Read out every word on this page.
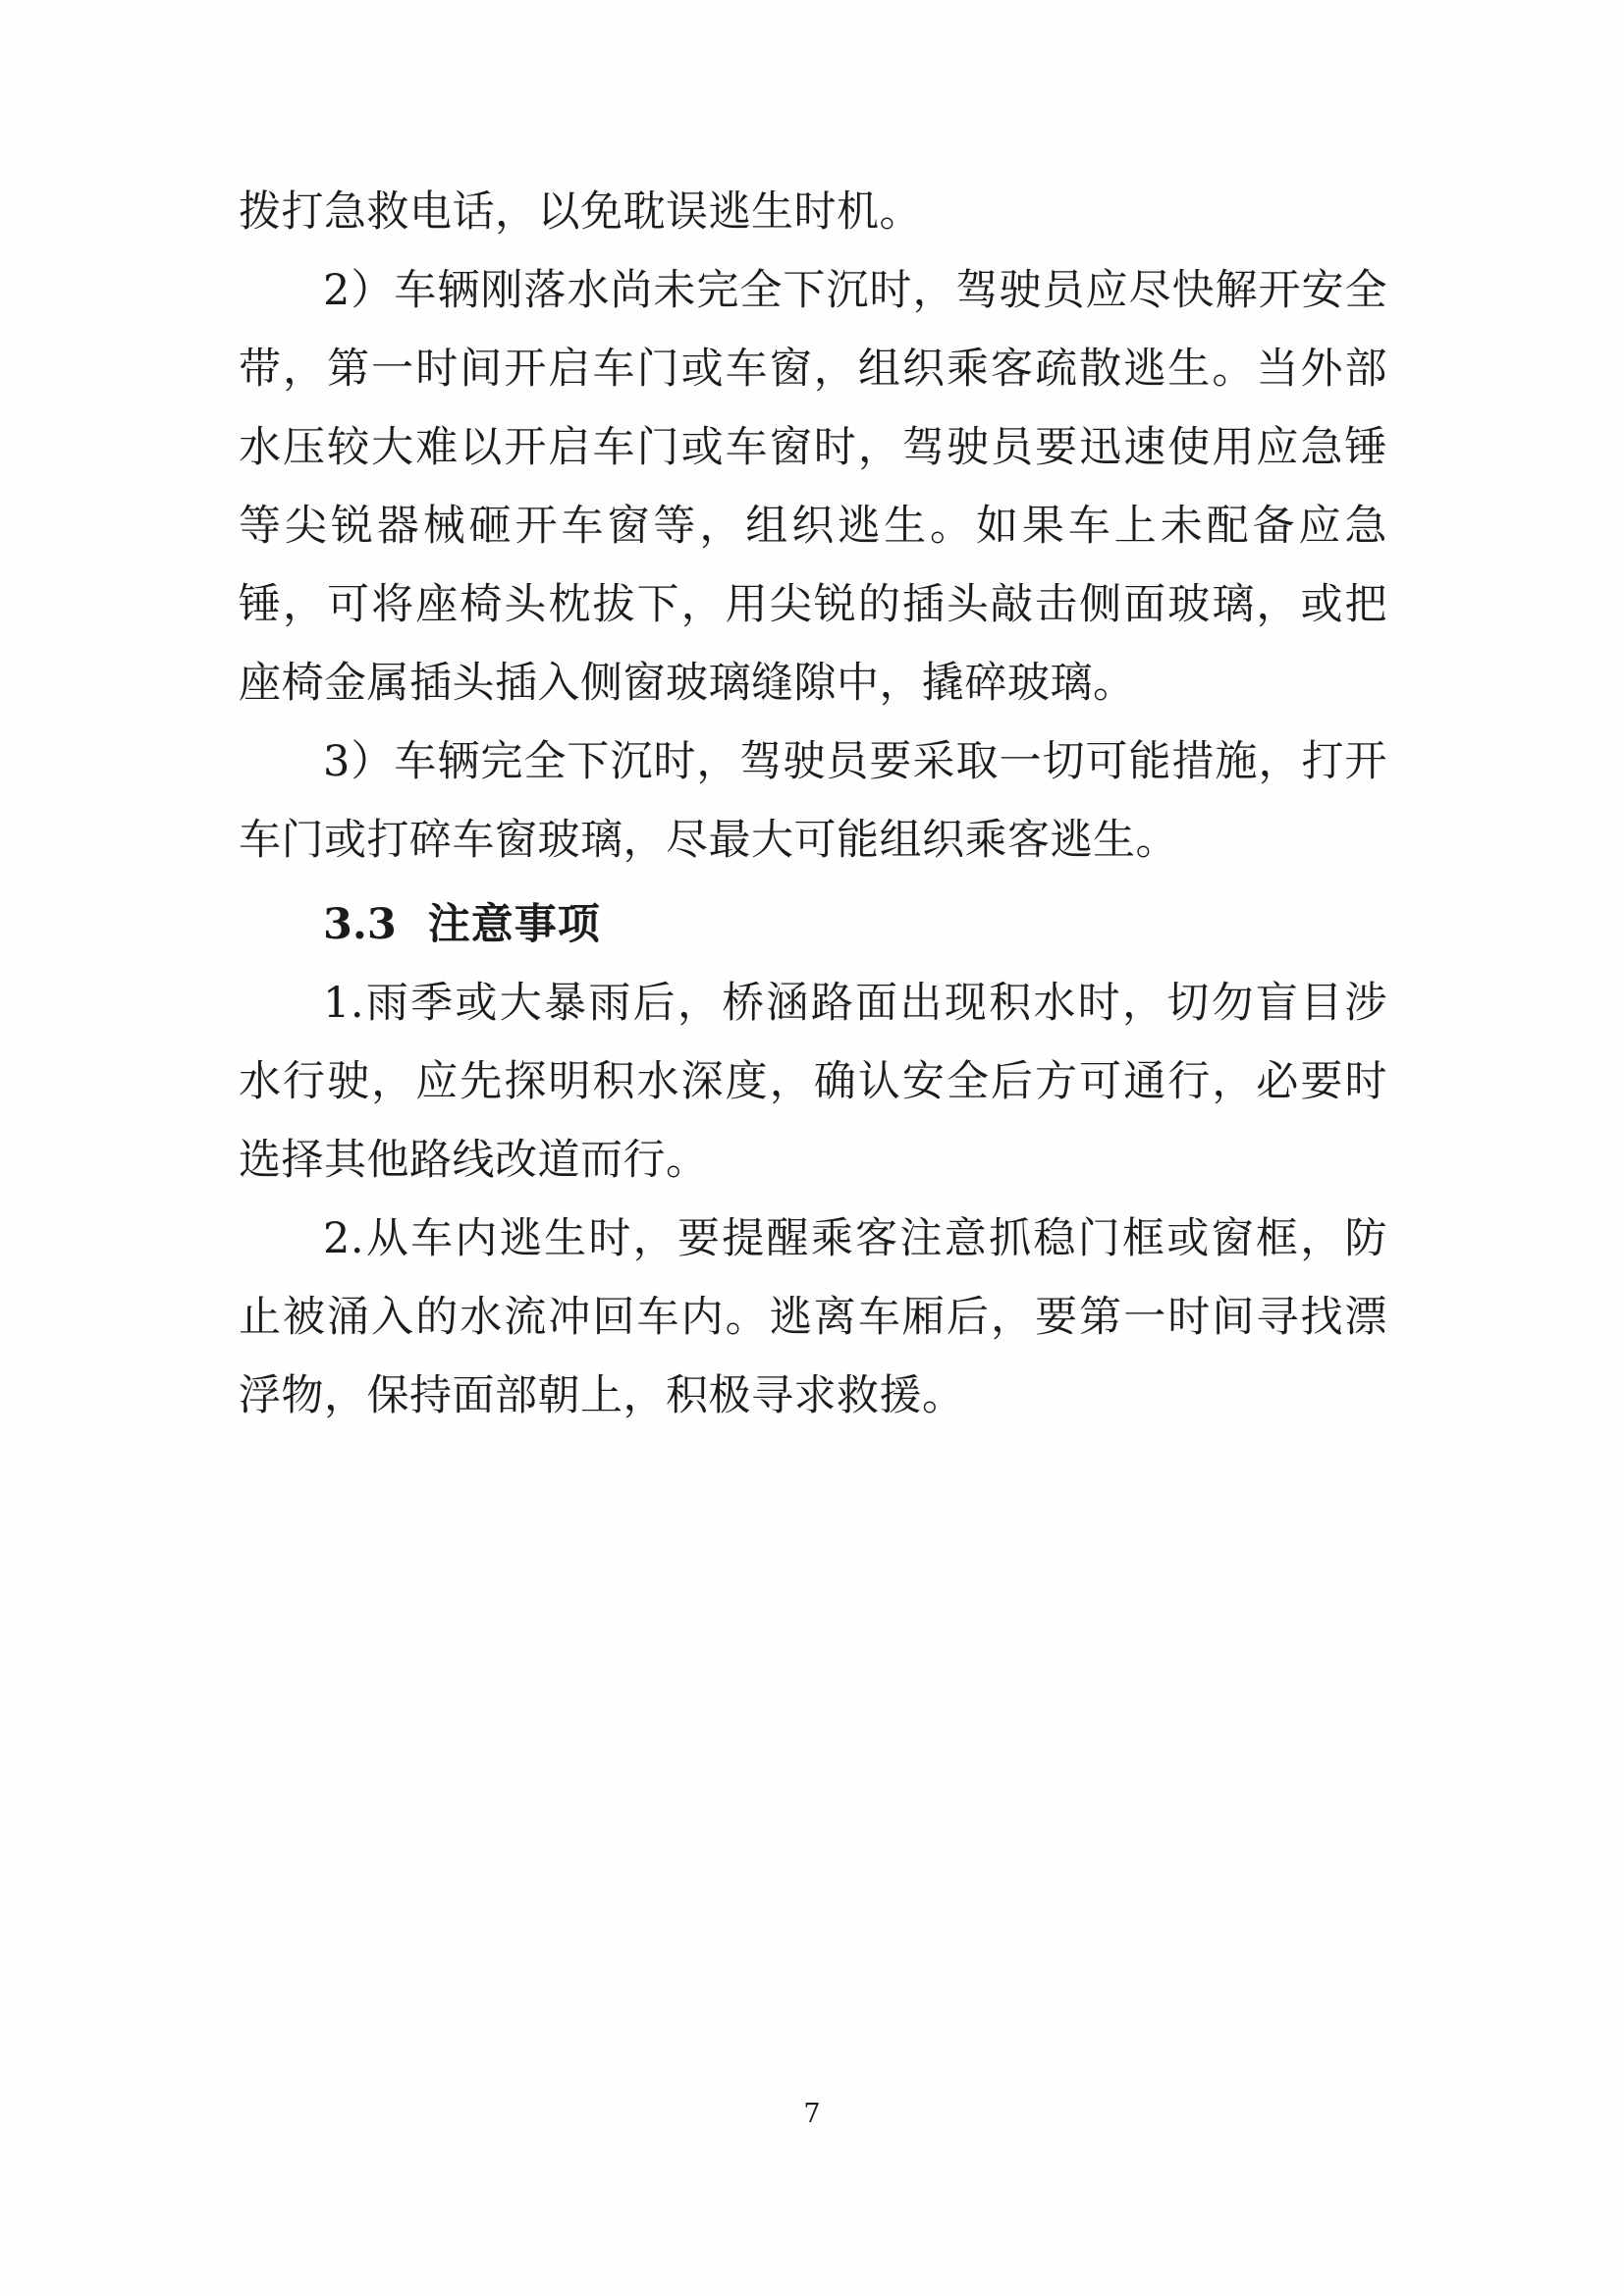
拨打急救电话，以免耽误逃生时机。

2）车辆刚落水尚未完全下沉时，驾驶员应尽快解开安全带，第一时间开启车门或车窗，组织乘客疏散逃生。当外部水压较大难以开启车门或车窗时，驾驶员要迅速使用应急锤等尖锐器械砸开车窗等，组织逃生。如果车上未配备应急锤，可将座椅头枕拔下，用尖锐的插头敲击侧面玻璃，或把座椅金属插头插入侧窗玻璃缝隙中，撬碎玻璃。

3）车辆完全下沉时，驾驶员要采取一切可能措施，打开车门或打碎车窗玻璃，尽最大可能组织乘客逃生。

3.3 注意事项

1.雨季或大暴雨后，桥涵路面出现积水时，切勿盲目涉水行驶，应先探明积水深度，确认安全后方可通行，必要时选择其他路线改道而行。

2.从车内逃生时，要提醒乘客注意抓稳门框或窗框，防止被涌入的水流冲回车内。逃离车厢后，要第一时间寻找漂浮物，保持面部朝上，积极寻求救援。

7
